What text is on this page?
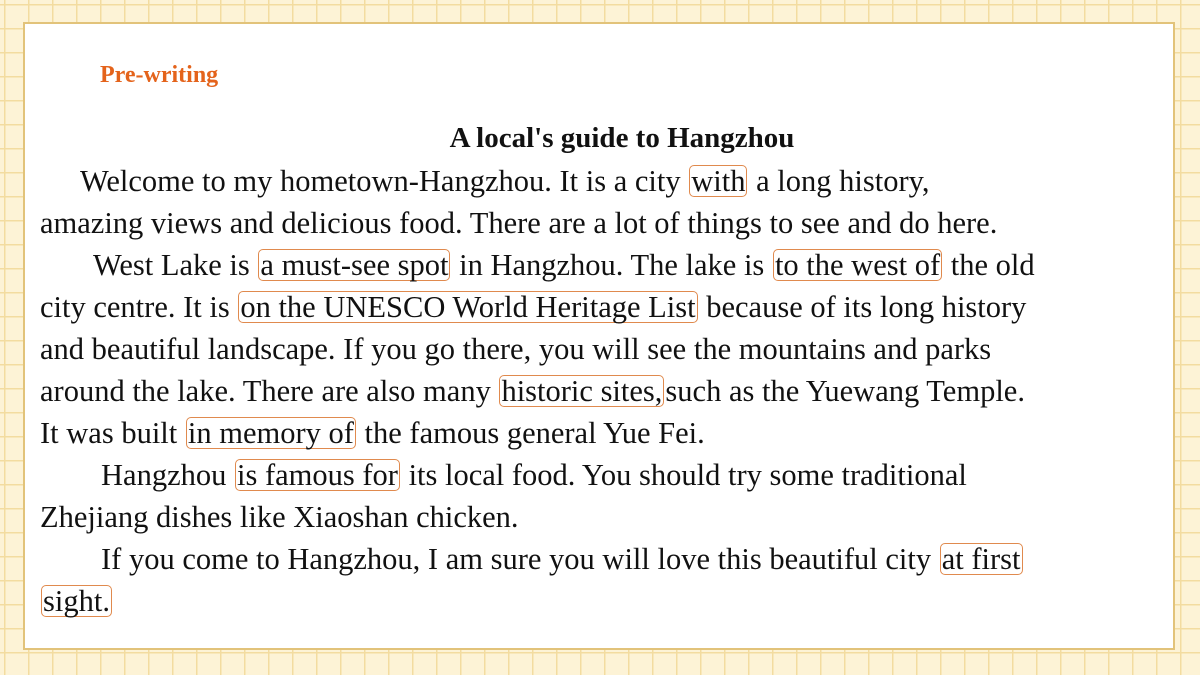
Pre-writing
A local's guide to Hangzhou
Welcome to my hometown-Hangzhou. It is a city with a long history,
amazing views and delicious food. There are a lot of things to see and do here.
West Lake is a must-see spot in Hangzhou. The lake is to the west of the old
city centre. It is on the UNESCO World Heritage List because of its long history
and beautiful landscape. If you go there, you will see the mountains and parks
around the lake. There are also many historic sites,such as the Yuewang Temple.
It was built in memory of the famous general Yue Fei.
Hangzhou is famous for its local food. You should try some traditional
Zhejiang dishes like Xiaoshan chicken.
If you come to Hangzhou, I am sure you will love this beautiful city at first
sight.
